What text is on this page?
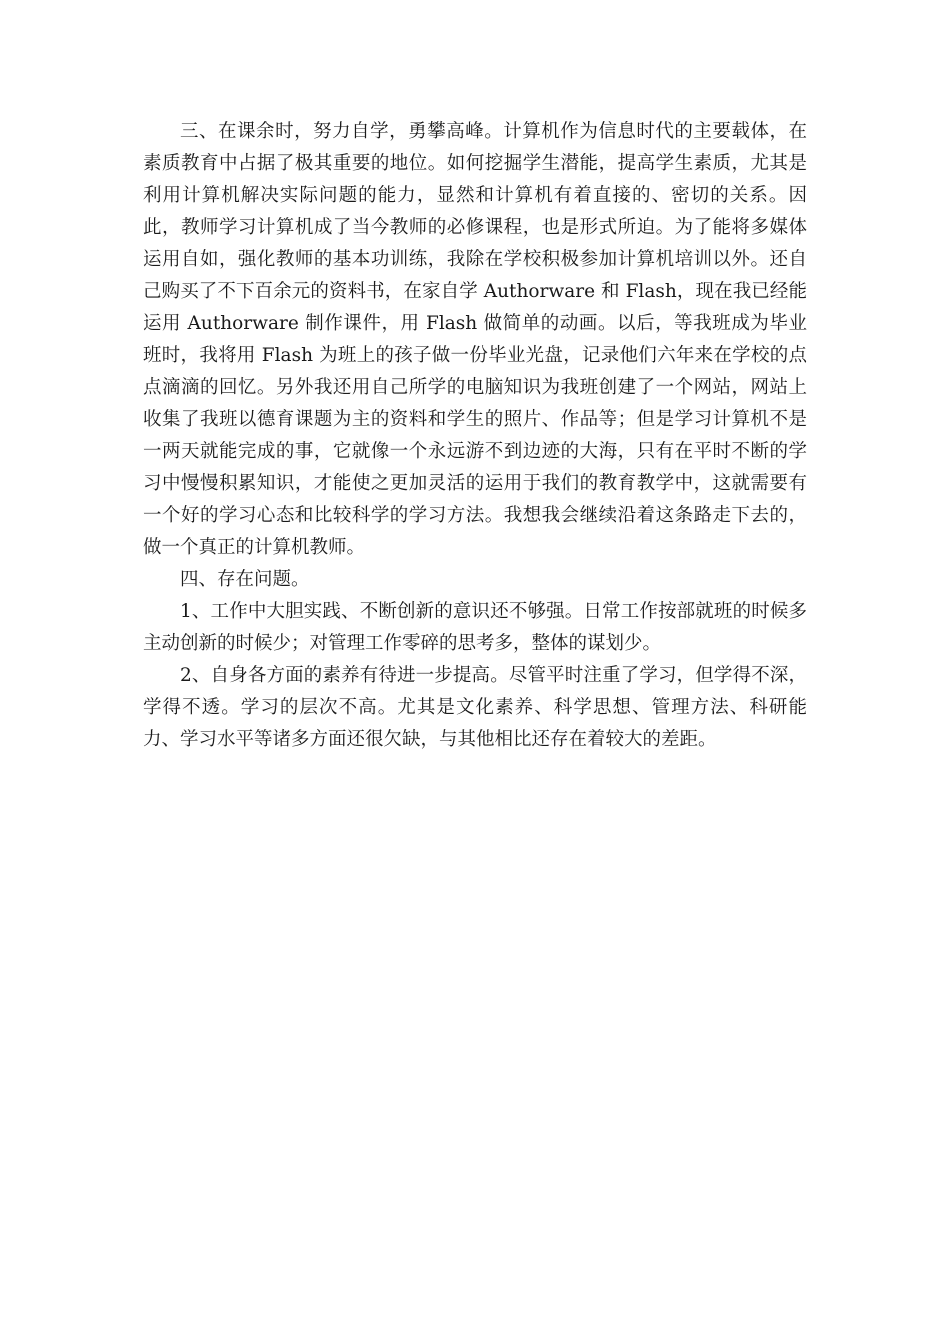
三、在课余时，努力自学，勇攀高峰。计算机作为信息时代的主要载体，在素质教育中占据了极其重要的地位。如何挖掘学生潜能，提高学生素质，尤其是利用计算机解决实际问题的能力，显然和计算机有着直接的、密切的关系。因此，教师学习计算机成了当今教师的必修课程，也是形式所迫。为了能将多媒体运用自如，强化教师的基本功训练，我除在学校积极参加计算机培训以外。还自己购买了不下百余元的资料书，在家自学 Authorware 和 Flash，现在我已经能运用 Authorware 制作课件，用 Flash 做简单的动画。以后，等我班成为毕业班时，我将用 Flash 为班上的孩子做一份毕业光盘，记录他们六年来在学校的点点滴滴的回忆。另外我还用自己所学的电脑知识为我班创建了一个网站，网站上收集了我班以德育课题为主的资料和学生的照片、作品等；但是学习计算机不是一两天就能完成的事，它就像一个永远游不到边迹的大海，只有在平时不断的学习中慢慢积累知识，才能使之更加灵活的运用于我们的教育教学中，这就需要有一个好的学习心态和比较科学的学习方法。我想我会继续沿着这条路走下去的，做一个真正的计算机教师。

四、存在问题。

1、工作中大胆实践、不断创新的意识还不够强。日常工作按部就班的时候多主动创新的时候少；对管理工作零碎的思考多，整体的谋划少。

2、自身各方面的素养有待进一步提高。尽管平时注重了学习，但学得不深，学得不透。学习的层次不高。尤其是文化素养、科学思想、管理方法、科研能力、学习水平等诸多方面还很欠缺，与其他相比还存在着较大的差距。
